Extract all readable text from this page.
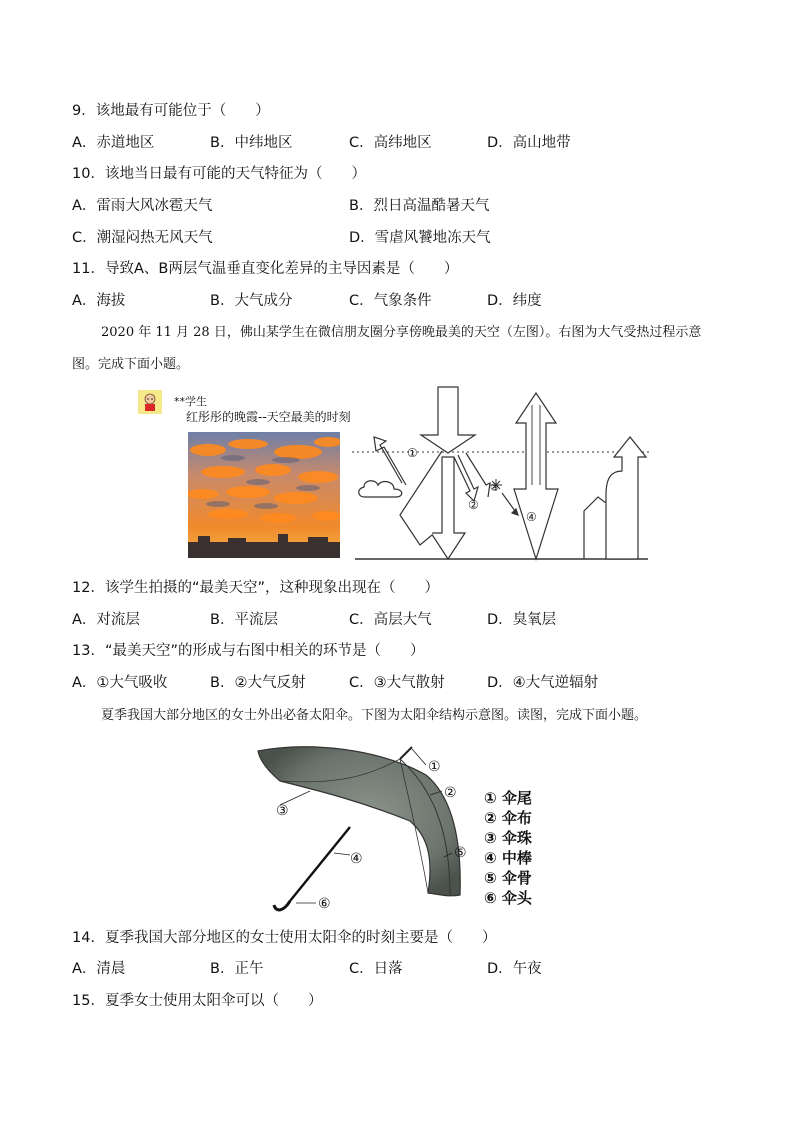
9．该地最有可能位于（　　）
A．赤道地区	B．中纬地区	C．高纬地区	D．高山地带
10．该地当日最有可能的天气特征为（　　）
A．雷雨大风冰雹天气	B．烈日高温酷暑天气
C．潮湿闷热无风天气	D．雪虐风饕地冻天气
11．导致A、B两层气温垂直变化差异的主导因素是（　　）
A．海拔	B．大气成分	C．气象条件	D．纬度
2020 年 11 月 28 日，佛山某学生在微信朋友圈分享傍晚最美的天空（左图）。右图为大气受热过程示意
图。完成下面小题。
**学生
红彤彤的晚霞--天空最美的时刻
①
②
③
④
12．该学生拍摄的“最美天空”，这种现象出现在（　　）
A．对流层	B．平流层	C．高层大气	D．臭氧层
13．“最美天空”的形成与右图中相关的环节是（　　）
A．①大气吸收	B．②大气反射	C．③大气散射	D．④大气逆辐射
夏季我国大部分地区的女士外出必备太阳伞。下图为太阳伞结构示意图。读图，完成下面小题。
①
②
③
④	⑤
⑥
① 伞尾
② 伞布
③ 伞珠
④ 中棒
⑤ 伞骨
⑥ 伞头
14．夏季我国大部分地区的女士使用太阳伞的时刻主要是（　　）
A．清晨	B．正午	C．日落	D．午夜
15．夏季女士使用太阳伞可以（　　）
